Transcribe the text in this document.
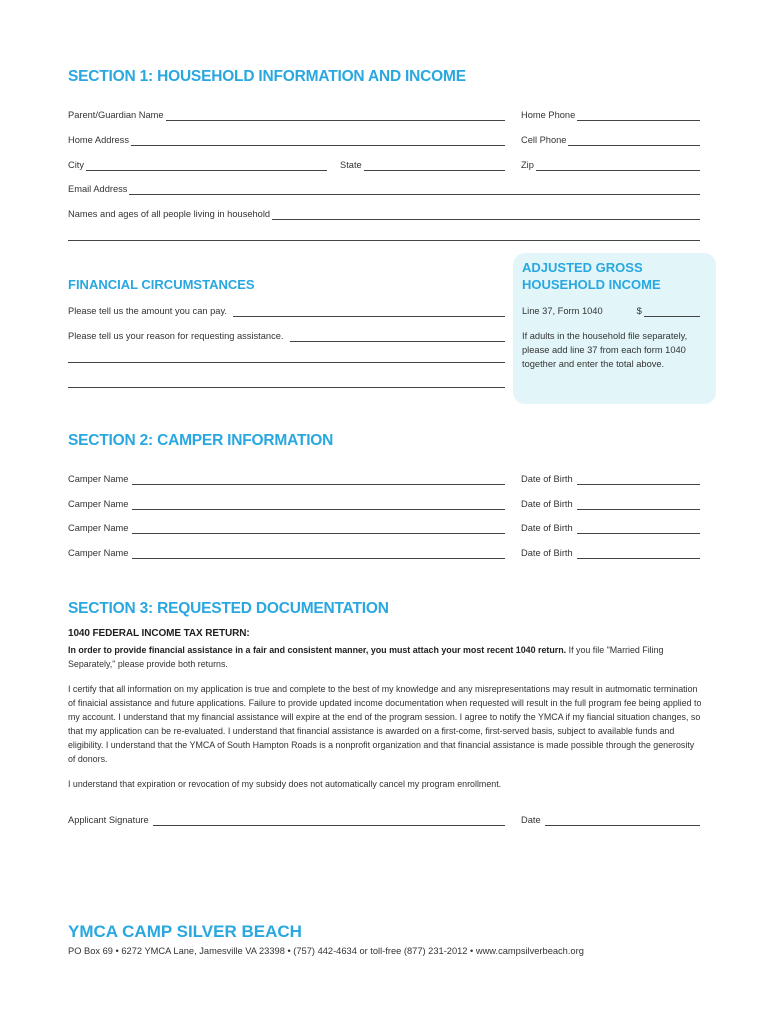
SECTION 1: HOUSEHOLD INFORMATION AND INCOME
Parent/Guardian Name	Home Phone
Home Address	Cell Phone
City	State	Zip
Email Address
Names and ages of all people living in household
FINANCIAL CIRCUMSTANCES
Please tell us the amount you can pay.
Please tell us your reason for requesting assistance.
ADJUSTED GROSS
HOUSEHOLD INCOME
Line 37, Form 1040	$
If adults in the household file separately, please add line 37 from each form 1040 together and enter the total above.
SECTION 2: CAMPER INFORMATION
Camper Name	Date of Birth
Camper Name	Date of Birth
Camper Name	Date of Birth
Camper Name	Date of Birth
SECTION 3: REQUESTED DOCUMENTATION
1040 FEDERAL INCOME TAX RETURN:

In order to provide financial assistance in a fair and consistent manner, you must attach your most recent 1040 return. If you file "Married Filing Separately," please provide both returns.

I certify that all information on my application is true and complete to the best of my knowledge and any misrepresentations may result in autmomatic termination of finaicial assistance and future applications. Failure to provide updated income documentation when requested will result in the full program fee being applied to my account. I understand that my financial assistance will expire at the end of the program session. I agree to notify the YMCA if my fiancial situation changes, so that my application can be re-evaluated. I understand that financial assistance is awarded on a first-come, first-served basis, subject to available funds and eligibility. I understand that the YMCA of South Hampton Roads is a nonprofit organization and that financial assistance is made possible through the generosity of donors.

I understand that expiration or revocation of my subsidy does not automatically cancel my program enrollment.

Applicant Signature	Date
YMCA CAMP SILVER BEACH
PO Box 69 • 6272 YMCA Lane, Jamesville VA 23398 • (757) 442-4634 or toll-free (877) 231-2012 • www.campsilverbeach.org
